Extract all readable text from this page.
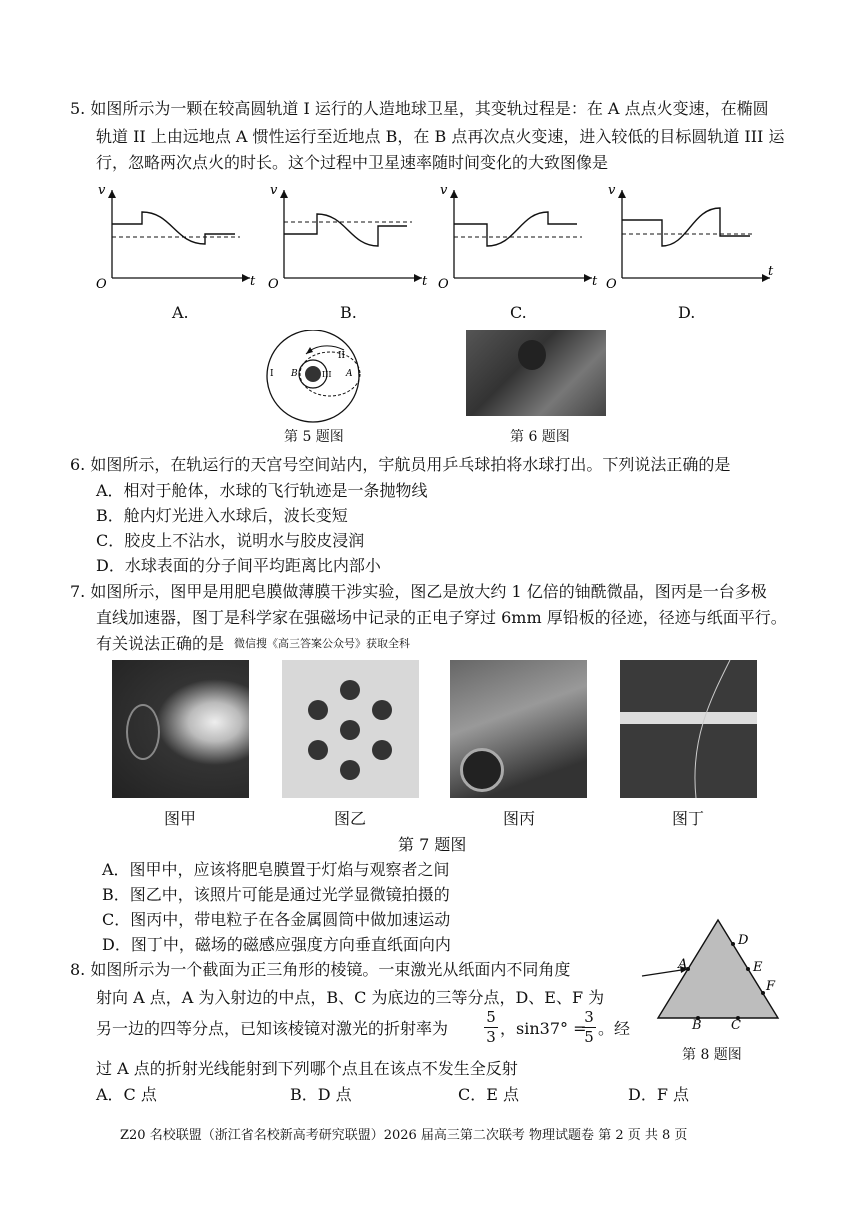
5. 如图所示为一颗在较高圆轨道 I 运行的人造地球卫星，其变轨过程是：在 A 点点火变速，在椭圆
轨道 II 上由远地点 A 惯性运行至近地点 B，在 B 点再次点火变速，进入较低的目标圆轨道 III 运
行，忽略两次点火的时长。这个过程中卫星速率随时间变化的大致图像是
v
t
O
A.
v
t
O
B.
v
t
O
C.
v
t
O
D.
I
II
III A
B
第 5 题图	第 6 题图
6. 如图所示，在轨运行的天宫号空间站内，宇航员用乒乓球拍将水球打出。下列说法正确的是
A．相对于舱体，水球的飞行轨迹是一条抛物线
B．舱内灯光进入水球后，波长变短
C．胶皮上不沾水，说明水与胶皮浸润
D．水球表面的分子间平均距离比内部小
7. 如图所示，图甲是用肥皂膜做薄膜干涉实验，图乙是放大约 1 亿倍的铀酰微晶，图丙是一台多极
直线加速器，图丁是科学家在强磁场中记录的正电子穿过 6mm 厚铅板的径迹，径迹与纸面平行。
有关说法正确的是 微信搜《高三答案公众号》获取全科
图甲	图乙	图丙	图丁
第 7 题图
A．图甲中，应该将肥皂膜置于灯焰与观察者之间
B．图乙中，该照片可能是通过光学显微镜拍摄的
C．图丙中，带电粒子在各金属圆筒中做加速运动
D．图丁中，磁场的磁感应强度方向垂直纸面向内
8. 如图所示为一个截面为正三角形的棱镜。一束激光从纸面内不同角度
射向 A 点，A 为入射边的中点，B、C 为底边的三等分点，D、E、F 为
另一边的四等分点，已知该棱镜对激光的折射率为
5
3 ，sin37° =
3
5 。经
过 A 点的折射光线能射到下列哪个点且在该点不发生全反射
A．C 点	B．D 点	C．E 点	D．F 点
A
D
E
F
B C
第 8 题图
Z20 名校联盟（浙江省名校新高考研究联盟）2026 届高三第二次联考 物理试题卷 第 2 页 共 8 页
